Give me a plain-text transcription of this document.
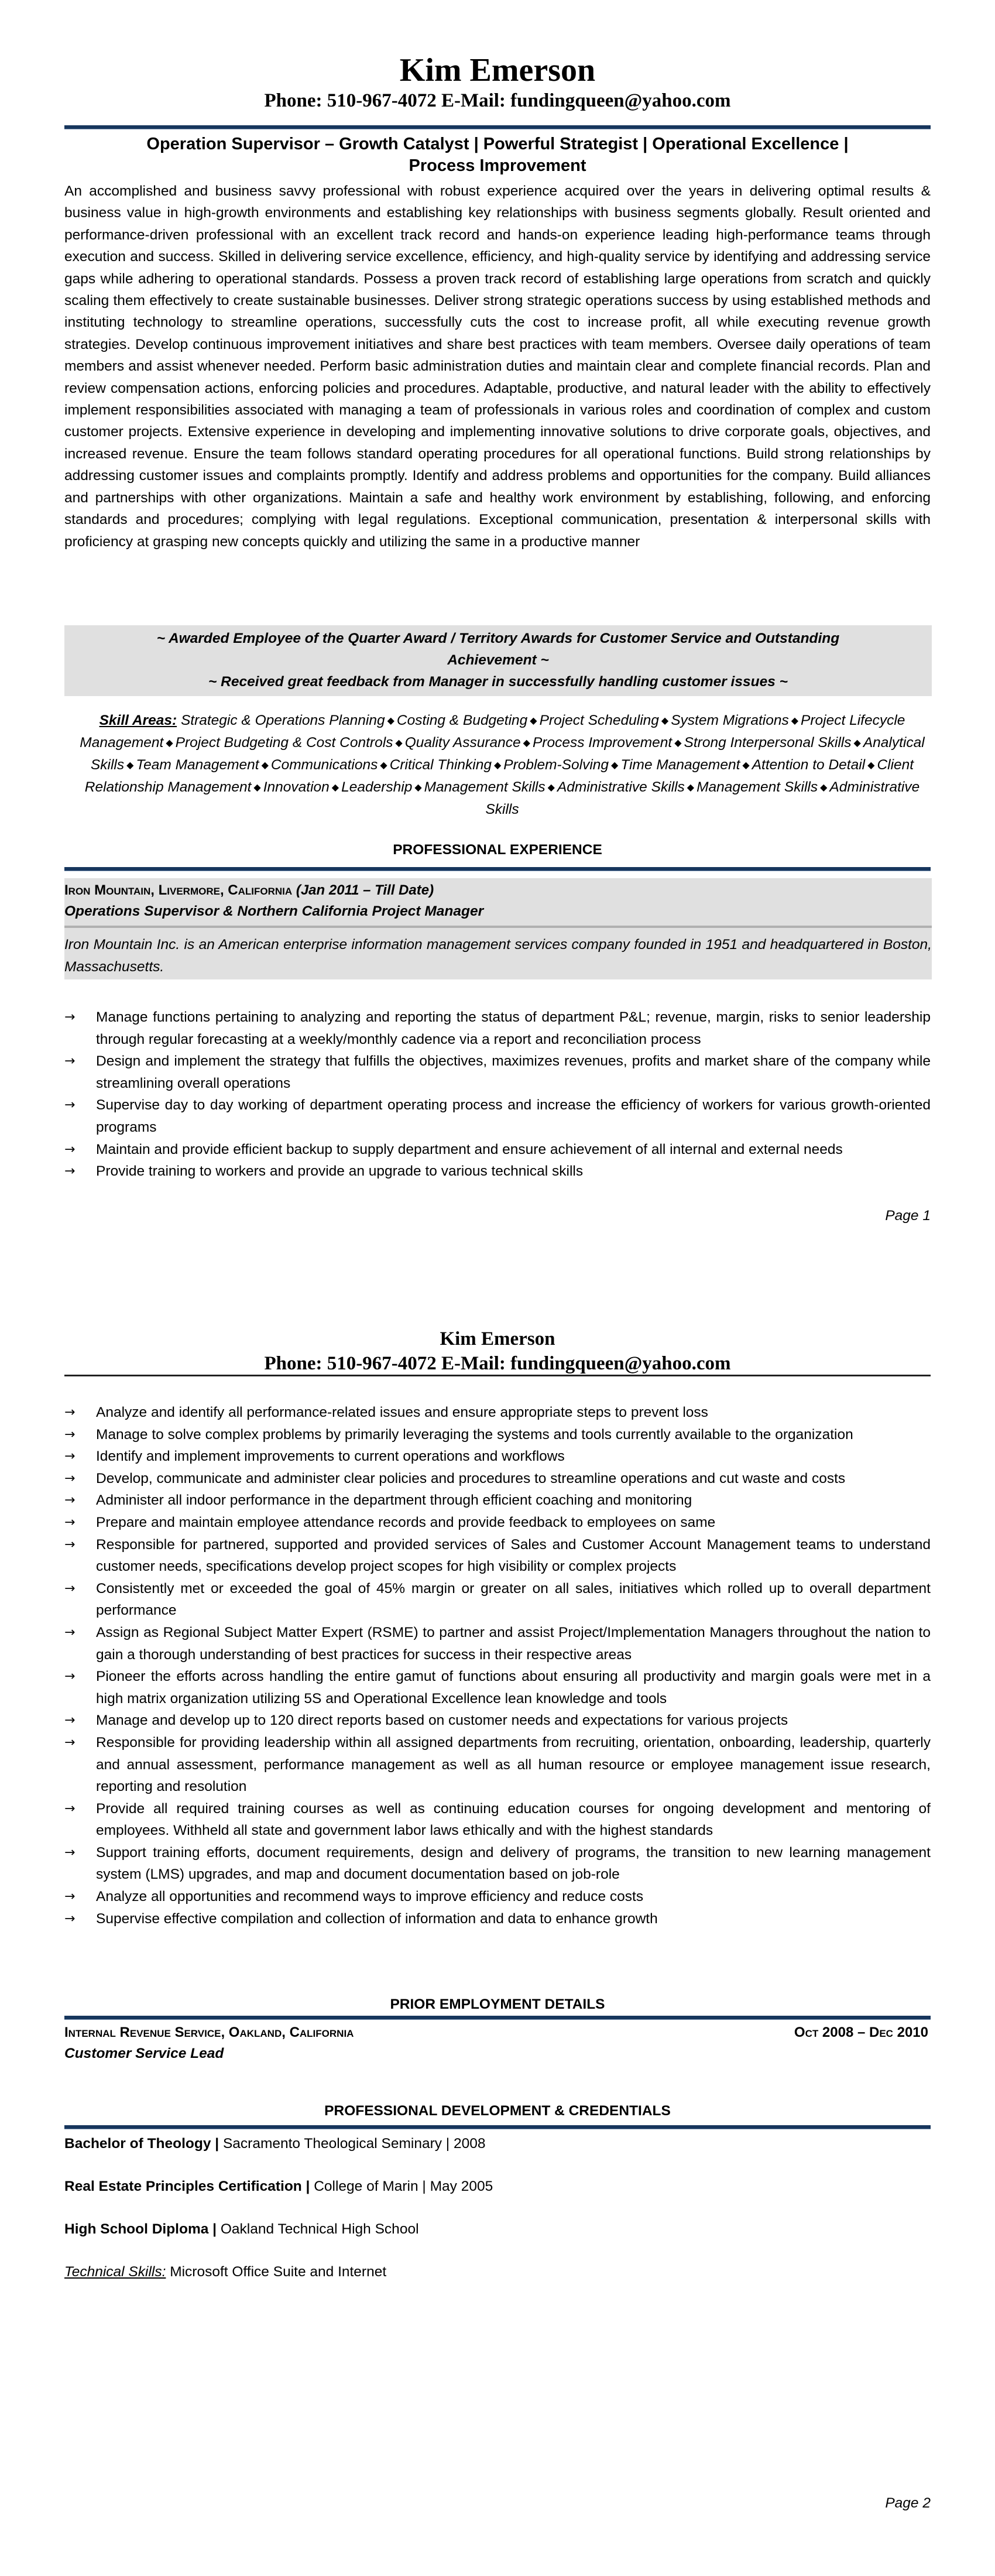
Kim Emerson
Phone: 510-967-4072 E-Mail: fundingqueen@yahoo.com
Operation Supervisor – Growth Catalyst | Powerful Strategist | Operational Excellence |
Process Improvement
An accomplished and business savvy professional with robust experience acquired over the years in delivering optimal results & business value in high-growth environments and establishing key relationships with business segments globally. Result oriented and performance-driven professional with an excellent track record and hands-on experience leading high-performance teams through execution and success. Skilled in delivering service excellence, efficiency, and high-quality service by identifying and addressing service gaps while adhering to operational standards. Possess a proven track record of establishing large operations from scratch and quickly scaling them effectively to create sustainable businesses. Deliver strong strategic operations success by using established methods and instituting technology to streamline operations, successfully cuts the cost to increase profit, all while executing revenue growth strategies. Develop continuous improvement initiatives and share best practices with team members. Oversee daily operations of team members and assist whenever needed. Perform basic administration duties and maintain clear and complete financial records. Plan and review compensation actions, enforcing policies and procedures. Adaptable, productive, and natural leader with the ability to effectively implement responsibilities associated with managing a team of professionals in various roles and coordination of complex and custom customer projects. Extensive experience in developing and implementing innovative solutions to drive corporate goals, objectives, and increased revenue. Ensure the team follows standard operating procedures for all operational functions. Build strong relationships by addressing customer issues and complaints promptly. Identify and address problems and opportunities for the company. Build alliances and partnerships with other organizations. Maintain a safe and healthy work environment by establishing, following, and enforcing standards and procedures; complying with legal regulations. Exceptional communication, presentation & interpersonal skills with proficiency at grasping new concepts quickly and utilizing the same in a productive manner
~ Awarded Employee of the Quarter Award / Territory Awards for Customer Service and Outstanding Achievement ~
~ Received great feedback from Manager in successfully handling customer issues ~
Skill Areas: Strategic & Operations Planning ◆ Costing & Budgeting ◆ Project Scheduling ◆ System Migrations ◆ Project Lifecycle Management ◆ Project Budgeting & Cost Controls ◆ Quality Assurance ◆ Process Improvement ◆ Strong Interpersonal Skills ◆ Analytical Skills ◆ Team Management ◆ Communications ◆ Critical Thinking ◆ Problem-Solving ◆ Time Management ◆ Attention to Detail ◆ Client Relationship Management ◆ Innovation ◆ Leadership ◆ Management Skills ◆ Administrative Skills ◆ Management Skills ◆ Administrative Skills
PROFESSIONAL EXPERIENCE
Iron Mountain, Livermore, California (Jan 2011 – Till Date)
Operations Supervisor & Northern California Project Manager
Iron Mountain Inc. is an American enterprise information management services company founded in 1951 and headquartered in Boston, Massachusetts.
→ Manage functions pertaining to analyzing and reporting the status of department P&L; revenue, margin, risks to senior leadership through regular forecasting at a weekly/monthly cadence via a report and reconciliation process
→ Design and implement the strategy that fulfills the objectives, maximizes revenues, profits and market share of the company while streamlining overall operations
→ Supervise day to day working of department operating process and increase the efficiency of workers for various growth-oriented programs
→ Maintain and provide efficient backup to supply department and ensure achievement of all internal and external needs
→ Provide training to workers and provide an upgrade to various technical skills
Page 1
Kim Emerson
Phone: 510-967-4072 E-Mail: fundingqueen@yahoo.com
→ Analyze and identify all performance-related issues and ensure appropriate steps to prevent loss
→ Manage to solve complex problems by primarily leveraging the systems and tools currently available to the organization
→ Identify and implement improvements to current operations and workflows
→ Develop, communicate and administer clear policies and procedures to streamline operations and cut waste and costs
→ Administer all indoor performance in the department through efficient coaching and monitoring
→ Prepare and maintain employee attendance records and provide feedback to employees on same
→ Responsible for partnered, supported and provided services of Sales and Customer Account Management teams to understand customer needs, specifications develop project scopes for high visibility or complex projects
→ Consistently met or exceeded the goal of 45% margin or greater on all sales, initiatives which rolled up to overall department performance
→ Assign as Regional Subject Matter Expert (RSME) to partner and assist Project/Implementation Managers throughout the nation to gain a thorough understanding of best practices for success in their respective areas
→ Pioneer the efforts across handling the entire gamut of functions about ensuring all productivity and margin goals were met in a high matrix organization utilizing 5S and Operational Excellence lean knowledge and tools
→ Manage and develop up to 120 direct reports based on customer needs and expectations for various projects
→ Responsible for providing leadership within all assigned departments from recruiting, orientation, onboarding, leadership, quarterly and annual assessment, performance management as well as all human resource or employee management issue research, reporting and resolution
→ Provide all required training courses as well as continuing education courses for ongoing development and mentoring of employees. Withheld all state and government labor laws ethically and with the highest standards
→ Support training efforts, document requirements, design and delivery of programs, the transition to new learning management system (LMS) upgrades, and map and document documentation based on job-role
→ Analyze all opportunities and recommend ways to improve efficiency and reduce costs
→ Supervise effective compilation and collection of information and data to enhance growth
PRIOR EMPLOYMENT DETAILS
Internal Revenue Service, Oakland, California	Oct 2008 – Dec 2010
Customer Service Lead
PROFESSIONAL DEVELOPMENT & CREDENTIALS
Bachelor of Theology | Sacramento Theological Seminary | 2008
Real Estate Principles Certification | College of Marin | May 2005
High School Diploma | Oakland Technical High School
Technical Skills: Microsoft Office Suite and Internet
Page 2
